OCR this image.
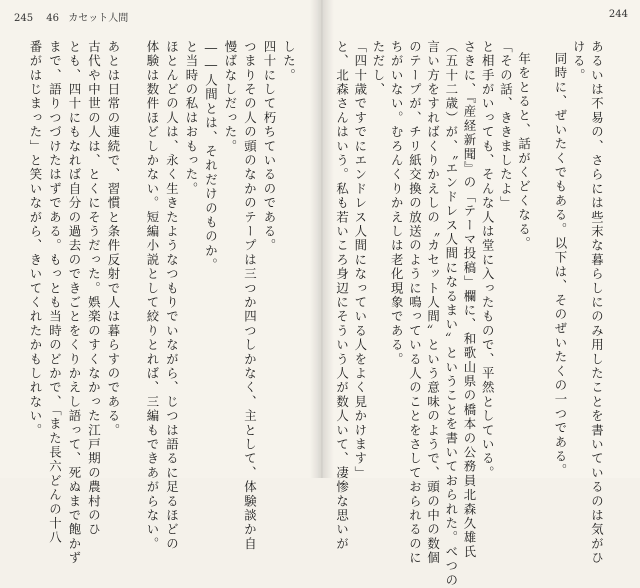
245 46 カセット人間
した。
四十にして朽ちているのである。
つまりその人の頭のなかのテープは三つか四つしかなく、主として、体験談か自
慢ばなしだった。
――人間とは、それだけのものか。
と当時の私はおもった。
ほとんどの人は、永く生きたようなつもりでいながら、じつは語るに足るほどの
体験は数件ほどしかない。短編小説として絞りとれば、三編もできあがらない。
あとは日常の連続で、習慣と条件反射で人は暮らすのである。
古代や中世の人は、とくにそうだった。娯楽のすくなかった江戸期の農村のひ
とも、四十にもなれば自分の過去のできごとをくりかえし語って、死ぬまで飽かず
まで、語りつづけたはずである。もっとも当時のどかで、「また長六どんの十八
番がはじまった」と笑いながら、きいてくれたかもしれない。
244
あるいは不易の、さらには些末な暮らしにのみ用したことを書いているのは気がひ
ける。
同時に、ぜいたくでもある。以下は、そのぜいたくの一つである。
年をとると、話がくどくなる。
「その話、ききましたよ」
と相手がいっても、そんな人は堂に入ったもので、平然としている。
さきに、『産経新聞』の「テーマ投稿」欄に、和歌山県の橋本の公務員北森久雄氏
（五十二歳）が、〝エンドレス人間になるまい〟ということを書いておられた。べつの
言い方をすればくりかえしの〝カセット人間〟という意味のようで、頭の中の数個
のテープが、チリ紙交換の放送のように鳴っている人のことをさしておられるのに
ちがいない。むろんくりかえしは老化現象である。
ただし、
「四十歳ですでにエンドレス人間になっている人をよく見かけます」
と、北森さんはいう。私も若いころ身辺にそういう人が数人いて、凄惨な思いが
